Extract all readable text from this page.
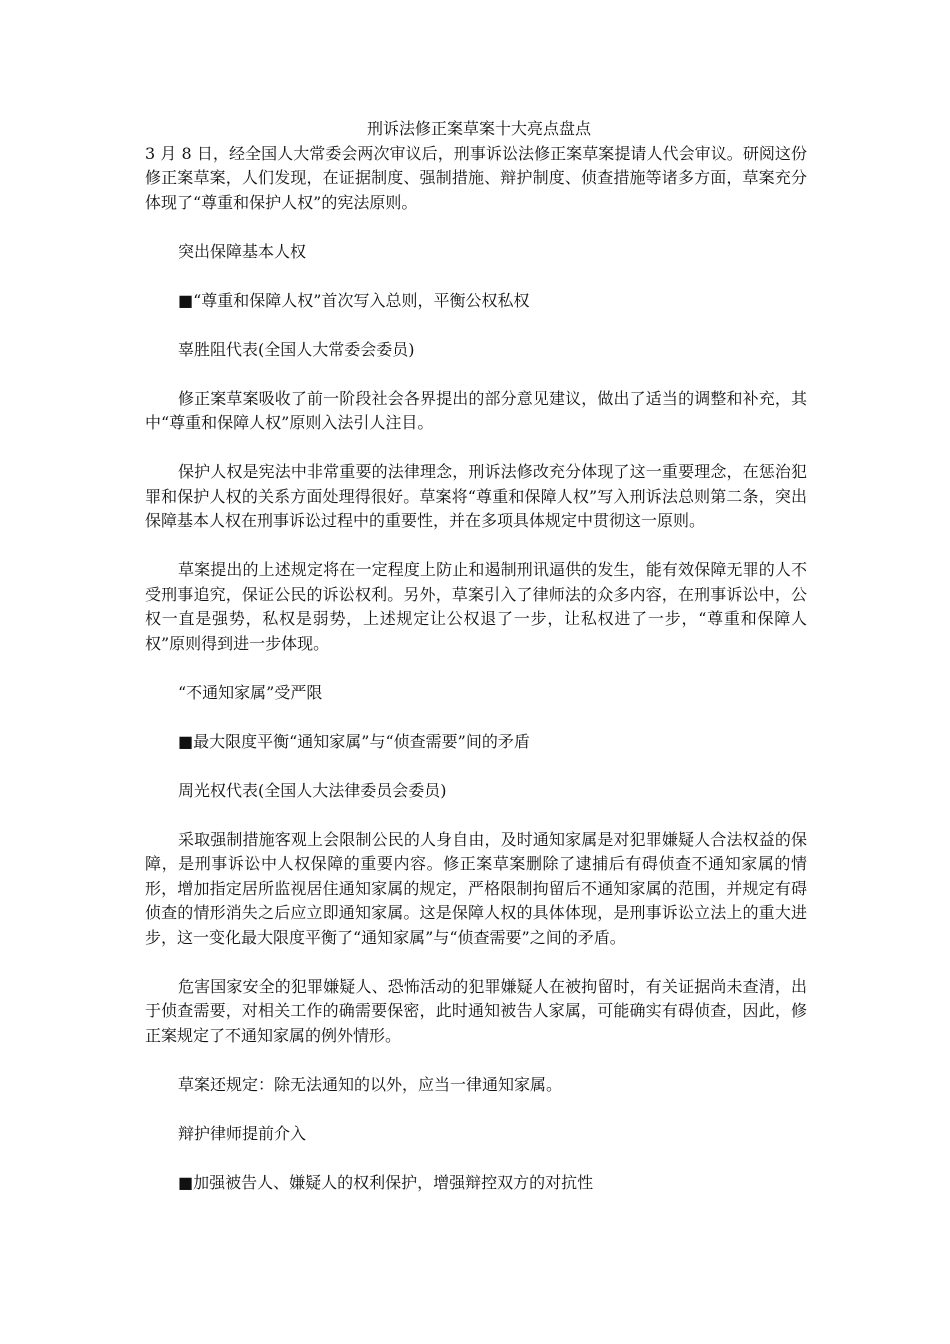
刑诉法修正案草案十大亮点盘点

3 月 8 日，经全国人大常委会两次审议后，刑事诉讼法修正案草案提请人代会审议。研阅这份修正案草案，人们发现，在证据制度、强制措施、辩护制度、侦查措施等诸多方面，草案充分体现了“尊重和保护人权”的宪法原则。

突出保障基本人权

■“尊重和保障人权”首次写入总则，平衡公权私权

辜胜阻代表(全国人大常委会委员)

修正案草案吸收了前一阶段社会各界提出的部分意见建议，做出了适当的调整和补充，其中“尊重和保障人权”原则入法引人注目。

保护人权是宪法中非常重要的法律理念，刑诉法修改充分体现了这一重要理念，在惩治犯罪和保护人权的关系方面处理得很好。草案将“尊重和保障人权”写入刑诉法总则第二条，突出保障基本人权在刑事诉讼过程中的重要性，并在多项具体规定中贯彻这一原则。

草案提出的上述规定将在一定程度上防止和遏制刑讯逼供的发生，能有效保障无罪的人不受刑事追究，保证公民的诉讼权利。另外，草案引入了律师法的众多内容，在刑事诉讼中，公权一直是强势，私权是弱势，上述规定让公权退了一步，让私权进了一步，“尊重和保障人权”原则得到进一步体现。

“不通知家属”受严限

■最大限度平衡“通知家属”与“侦查需要”间的矛盾

周光权代表(全国人大法律委员会委员)

采取强制措施客观上会限制公民的人身自由，及时通知家属是对犯罪嫌疑人合法权益的保障，是刑事诉讼中人权保障的重要内容。修正案草案删除了逮捕后有碍侦查不通知家属的情形，增加指定居所监视居住通知家属的规定，严格限制拘留后不通知家属的范围，并规定有碍侦查的情形消失之后应立即通知家属。这是保障人权的具体体现，是刑事诉讼立法上的重大进步，这一变化最大限度平衡了“通知家属”与“侦查需要”之间的矛盾。

危害国家安全的犯罪嫌疑人、恐怖活动的犯罪嫌疑人在被拘留时，有关证据尚未查清，出于侦查需要，对相关工作的确需要保密，此时通知被告人家属，可能确实有碍侦查，因此，修正案规定了不通知家属的例外情形。

草案还规定：除无法通知的以外，应当一律通知家属。

辩护律师提前介入

■加强被告人、嫌疑人的权利保护，增强辩控双方的对抗性
